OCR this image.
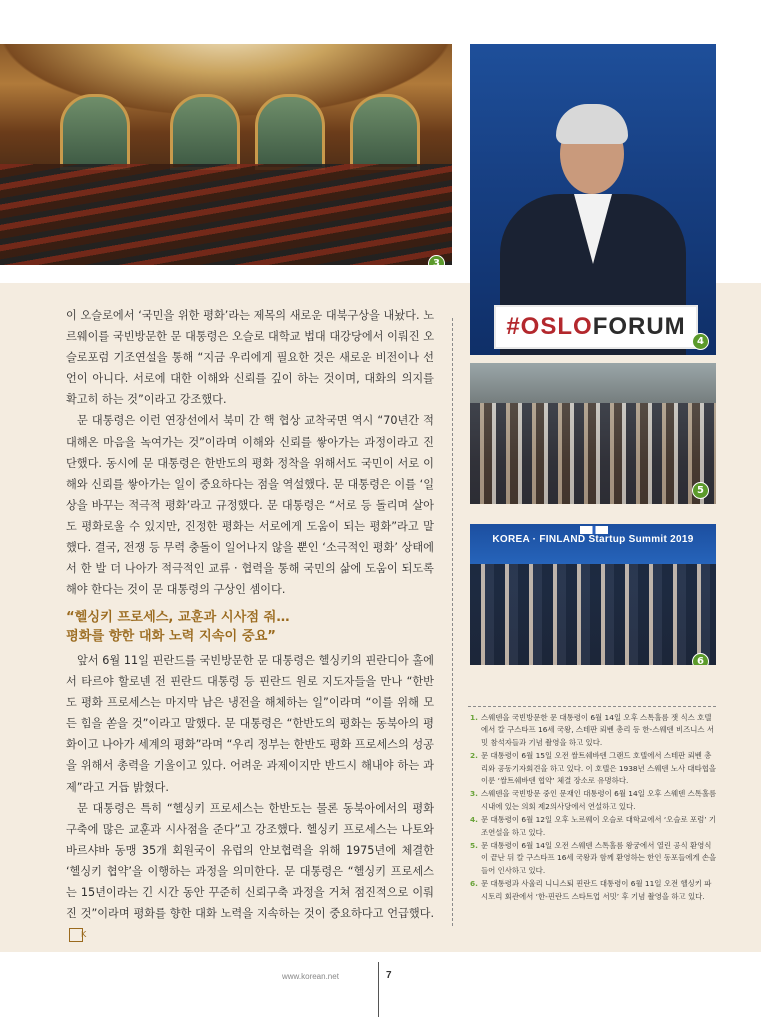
3
#OSLOFORUM
4
5
KOREA · FINLAND Startup Summit 2019
6

이 오슬로에서 ‘국민을 위한 평화’라는 제목의 새로운 대북구상을 내놨다. 노르웨이를 국빈방문한 문 대통령은 오슬로 대학교 법대 대강당에서 이뤄진 오슬로포럼 기조연설을 통해 “지금 우리에게 필요한 것은 새로운 비전이나 선언이 아니다. 서로에 대한 이해와 신뢰를 깊이 하는 것이며, 대화의 의지를 확고히 하는 것”이라고 강조했다.

문 대통령은 이런 연장선에서 북미 간 핵 협상 교착국면 역시 “70년간 적대해온 마음을 녹여가는 것”이라며 이해와 신뢰를 쌓아가는 과정이라고 진단했다. 동시에 문 대통령은 한반도의 평화 정착을 위해서도 국민이 서로 이해와 신뢰를 쌓아가는 일이 중요하다는 점을 역설했다. 문 대통령은 이를 ‘일상을 바꾸는 적극적 평화’라고 규정했다. 문 대통령은 “서로 등 돌리며 살아도 평화로울 수 있지만, 진정한 평화는 서로에게 도움이 되는 평화”라고 말했다. 결국, 전쟁 등 무력 충돌이 일어나지 않을 뿐인 ‘소극적인 평화’ 상태에서 한 발 더 나아가 적극적인 교류 · 협력을 통해 국민의 삶에 도움이 되도록 해야 한다는 것이 문 대통령의 구상인 셈이다.

“헬싱키 프로세스, 교훈과 시사점 줘…
평화를 향한 대화 노력 지속이 중요”

앞서 6월 11일 핀란드를 국빈방문한 문 대통령은 헬싱키의 핀란디아 홀에서 타르야 할로넨 전 핀란드 대통령 등 핀란드 원로 지도자들을 만나 “한반도 평화 프로세스는 마지막 남은 냉전을 해체하는 일”이라며 “이를 위해 모든 힘을 쏟을 것”이라고 말했다. 문 대통령은 “한반도의 평화는 동북아의 평화이고 나아가 세계의 평화”라며 “우리 정부는 한반도 평화 프로세스의 성공을 위해서 총력을 기울이고 있다. 어려운 과제이지만 반드시 해내야 하는 과제”라고 거듭 밝혔다.

문 대통령은 특히 “헬싱키 프로세스는 한반도는 물론 동북아에서의 평화 구축에 많은 교훈과 시사점을 준다”고 강조했다. 헬싱키 프로세스는 나토와 바르샤바 동맹 35개 회원국이 유럽의 안보협력을 위해 1975년에 체결한 ‘헬싱키 협약’을 이행하는 과정을 의미한다. 문 대통령은 “헬싱키 프로세스는 15년이라는 긴 시간 동안 꾸준히 신뢰구축 과정을 거쳐 점진적으로 이뤄진 것”이라며 평화를 향한 대화 노력을 지속하는 것이 중요하다고 언급했다.K

1. 스웨덴을 국빈방문한 문 대통령이 6월 14일 오후 스톡홀름 잿 식스 호텔에서 칼 구스타프 16세 국왕, 스테판 뢰벤 총리 등 한-스웨덴 비즈니스 서밋 참석자들과 기념 촬영을 하고 있다.
2. 문 대통령이 6월 15일 오전 쌀트쉐바덴 그랜드 호텔에서 스테판 뢰벤 총리와 공동기자회견을 하고 있다. 이 호텔은 1938년 스웨덴 노사 대타협을 이룬 ‘쌀트쉐바덴 협약’ 체결 장소로 유명하다.
3. 스웨덴을 국빈방문 중인 문재인 대통령이 6월 14일 오후 스웨덴 스톡홀름 시내에 있는 의회 제2의사당에서 연설하고 있다.
4. 문 대통령이 6월 12일 오후 노르웨이 오슬로 대학교에서 ‘오슬로 포럼’ 기조연설을 하고 있다.
5. 문 대통령이 6월 14일 오전 스웨덴 스톡홀름 왕궁에서 열린 공식 환영식이 끝난 뒤 칼 구스타프 16세 국왕과 함께 환영하는 한인 동포들에게 손을 들어 인사하고 있다.
6. 문 대통령과 사울리 니니스퇴 핀란드 대통령이 6월 11일 오전 헬싱키 파시토리 회관에서 ‘한-핀란드 스타트업 서밋’ 후 기념 촬영을 하고 있다.
www.korean.net	7
